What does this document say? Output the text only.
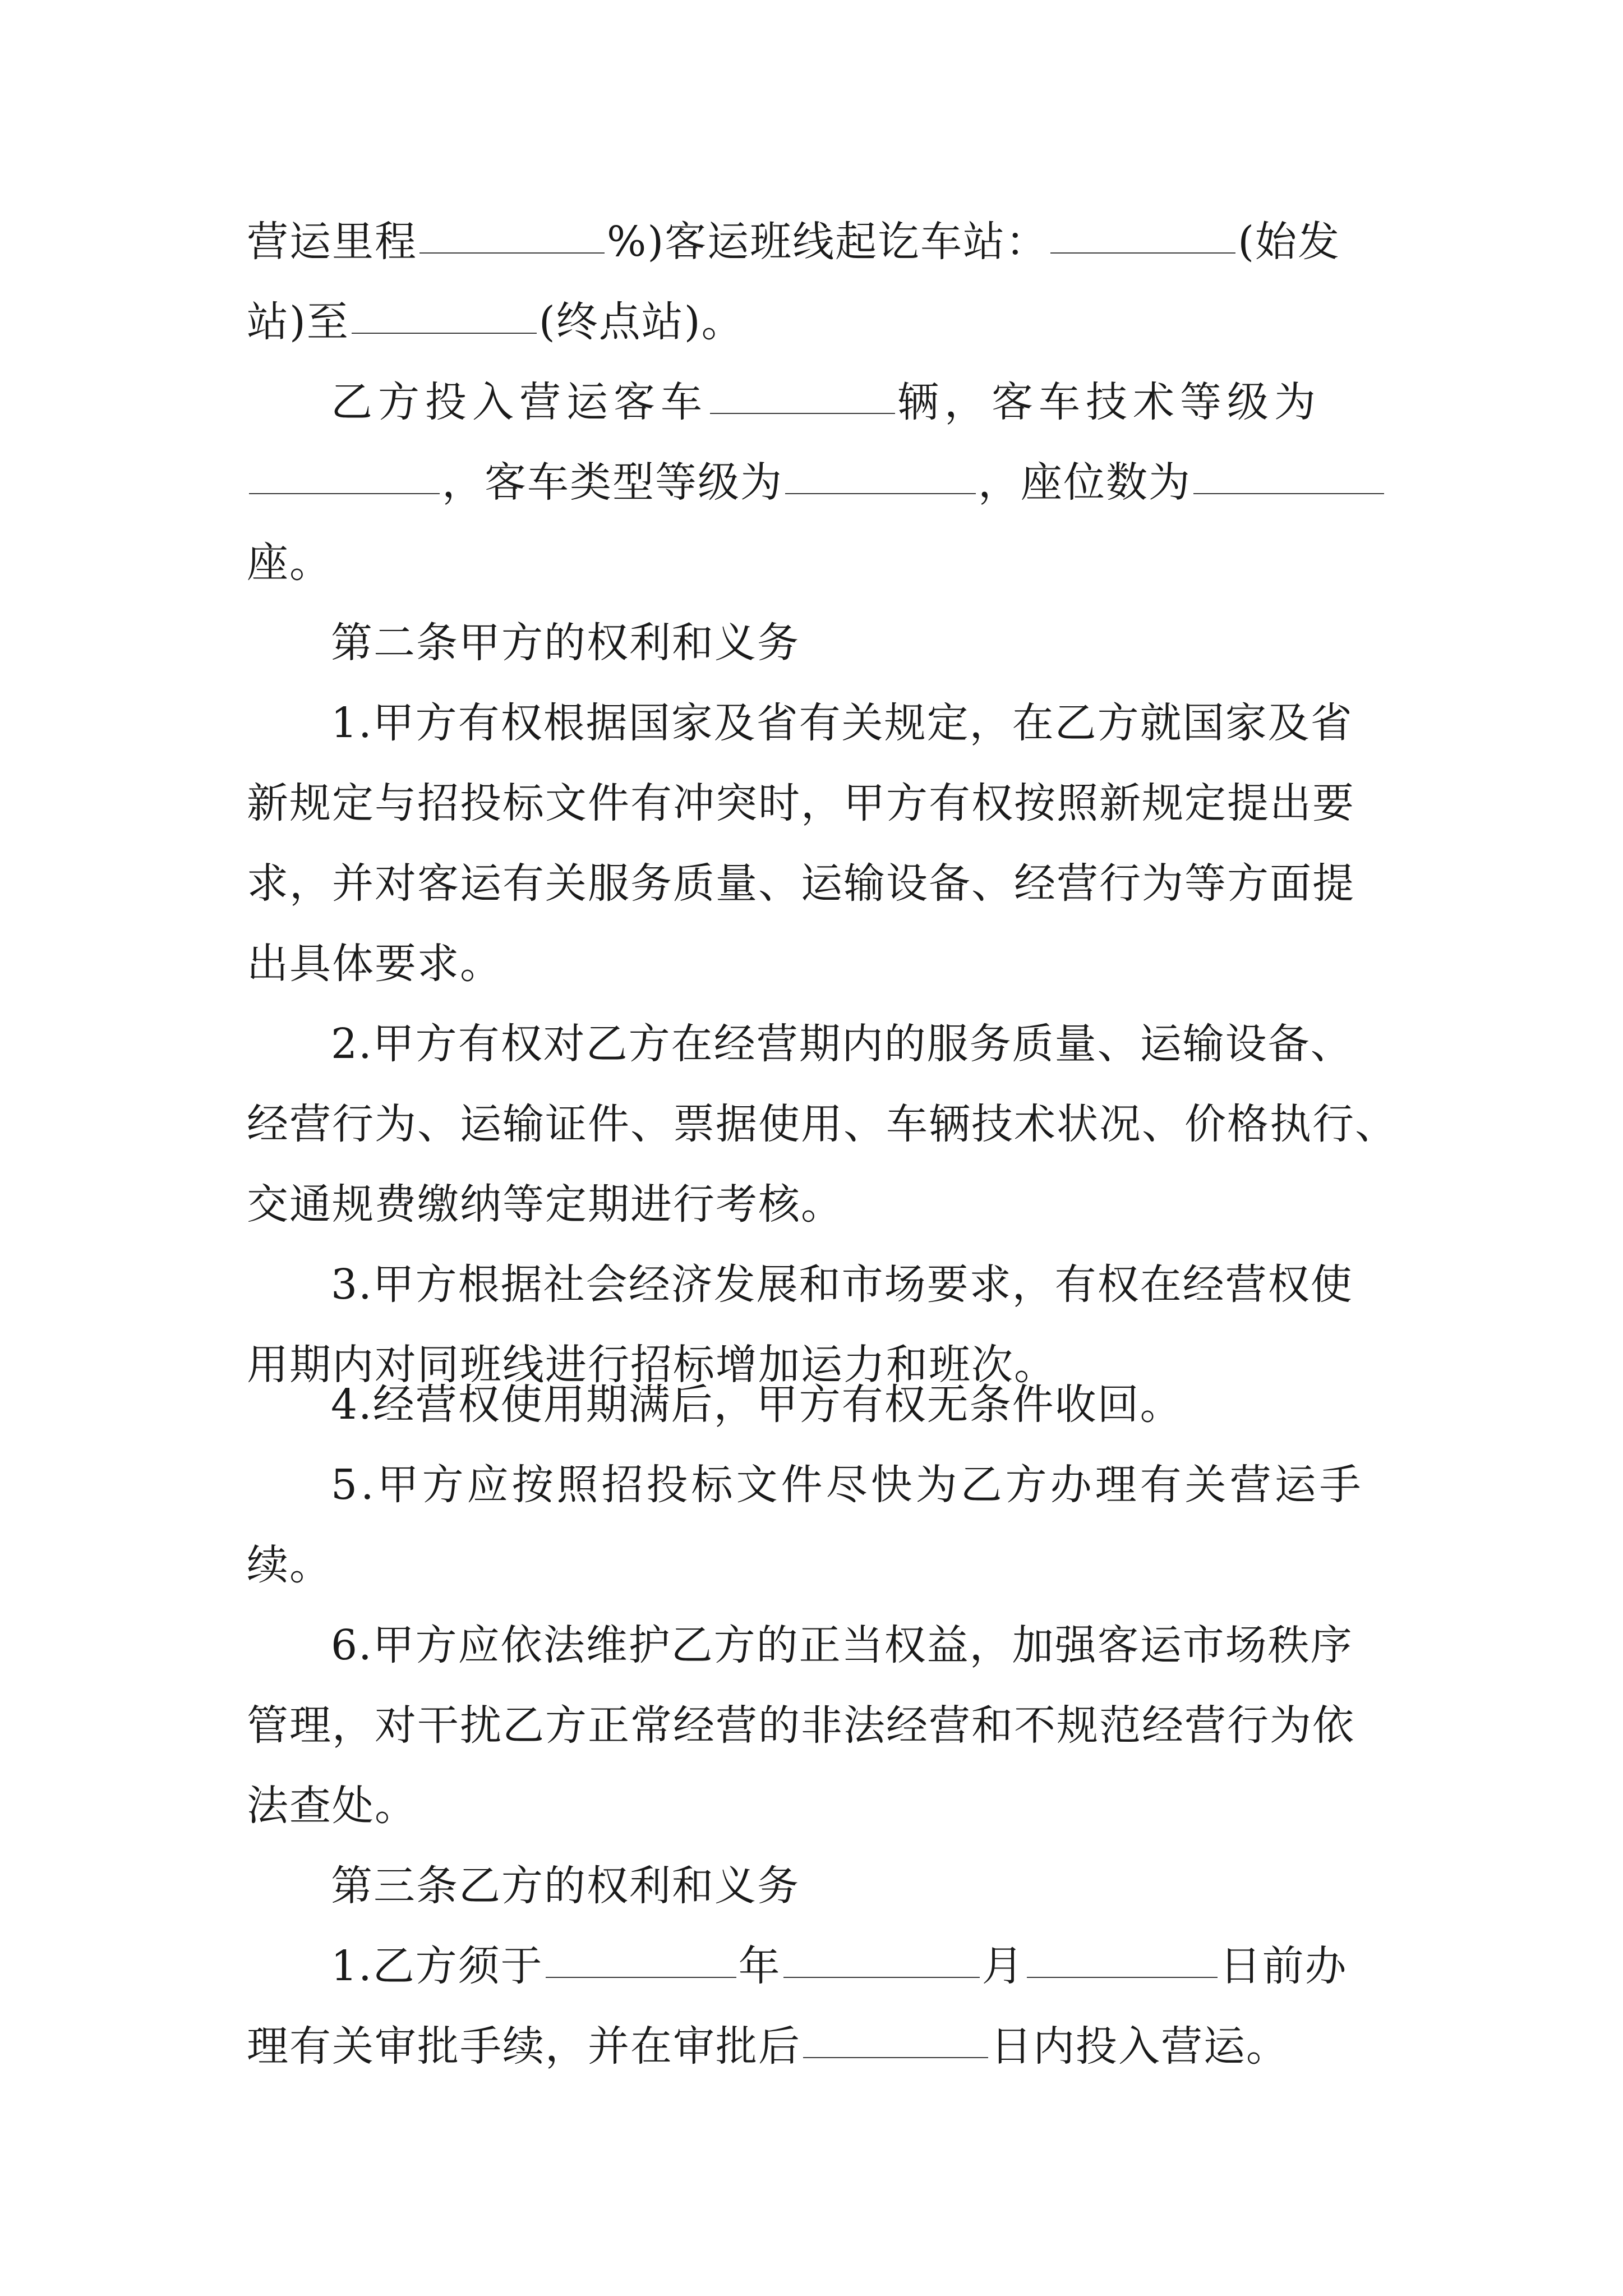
营运里程	%)客运班线起讫车站：	(始发
站)至	(终点站)。
乙方投入营运客车	辆，客车技术等级为
，客车类型等级为	，座位数为
座。
第二条甲方的权利和义务
1.甲方有权根据国家及省有关规定，在乙方就国家及省
新规定与招投标文件有冲突时，甲方有权按照新规定提出要
求，并对客运有关服务质量、运输设备、经营行为等方面提
出具体要求。
2.甲方有权对乙方在经营期内的服务质量、运输设备、
经营行为、运输证件、票据使用、车辆技术状况、价格执行、
交通规费缴纳等定期进行考核。
3.甲方根据社会经济发展和市场要求，有权在经营权使
用期内对同班线进行招标增加运力和班次。
4.经营权使用期满后，甲方有权无条件收回。
5.甲方应按照招投标文件尽快为乙方办理有关营运手
续。
6.甲方应依法维护乙方的正当权益，加强客运市场秩序
管理，对干扰乙方正常经营的非法经营和不规范经营行为依
法查处。
第三条乙方的权利和义务
1.乙方须于	年	月	日前办
理有关审批手续，并在审批后	日内投入营运。
